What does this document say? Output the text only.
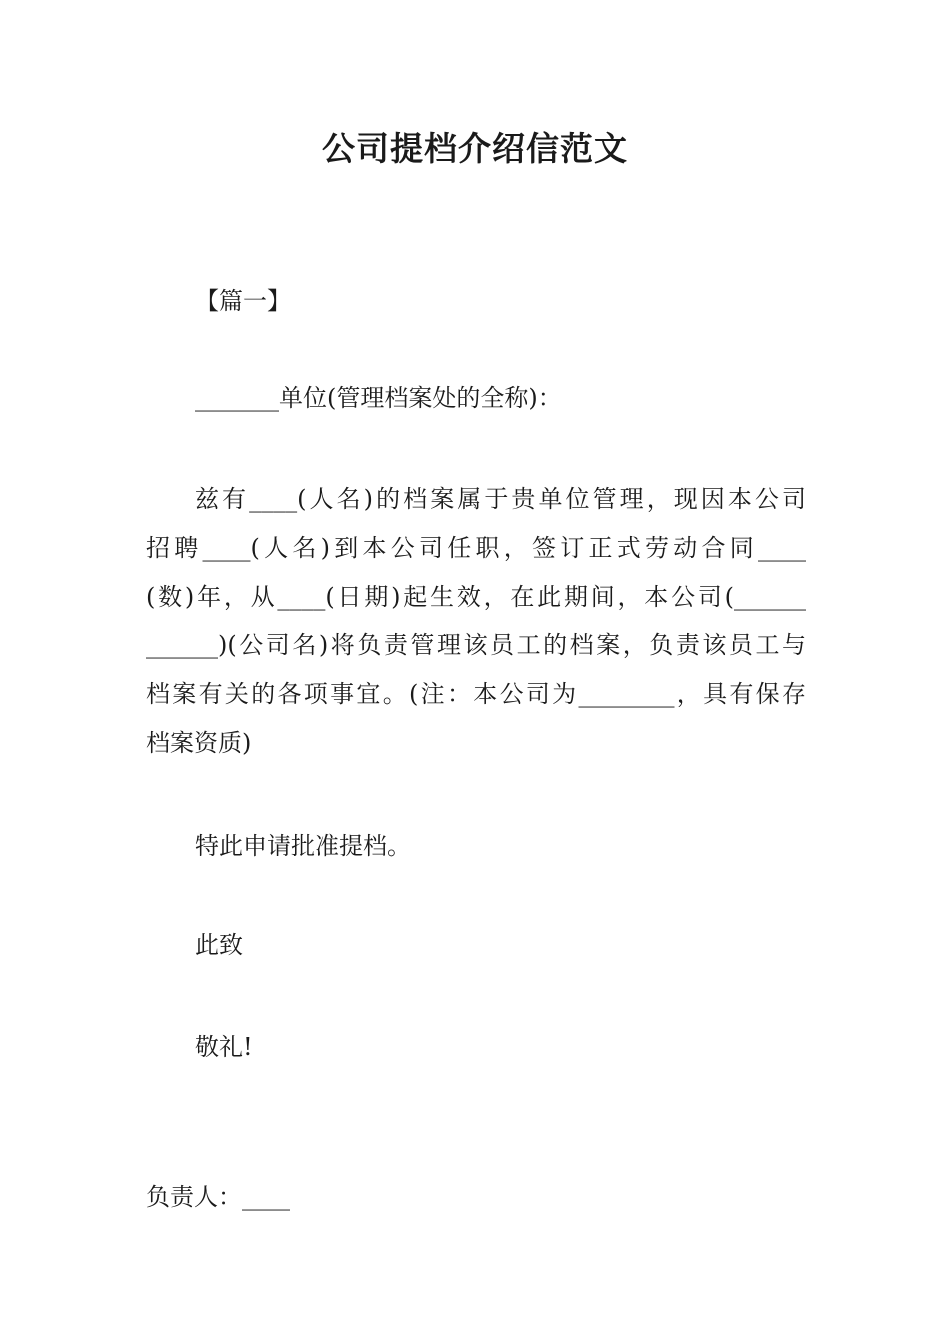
公司提档介绍信范文
【篇一】
_______单位(管理档案处的全称)：
兹有____(人名)的档案属于贵单位管理，现因本公司
招聘____(人名)到本公司任职，签订正式劳动合同____
(数)年，从____(日期)起生效，在此期间，本公司(______
______)(公司名)将负责管理该员工的档案，负责该员工与
档案有关的各项事宜。(注：本公司为________，具有保存
档案资质)
特此申请批准提档。
此致
敬礼!
负责人：____
